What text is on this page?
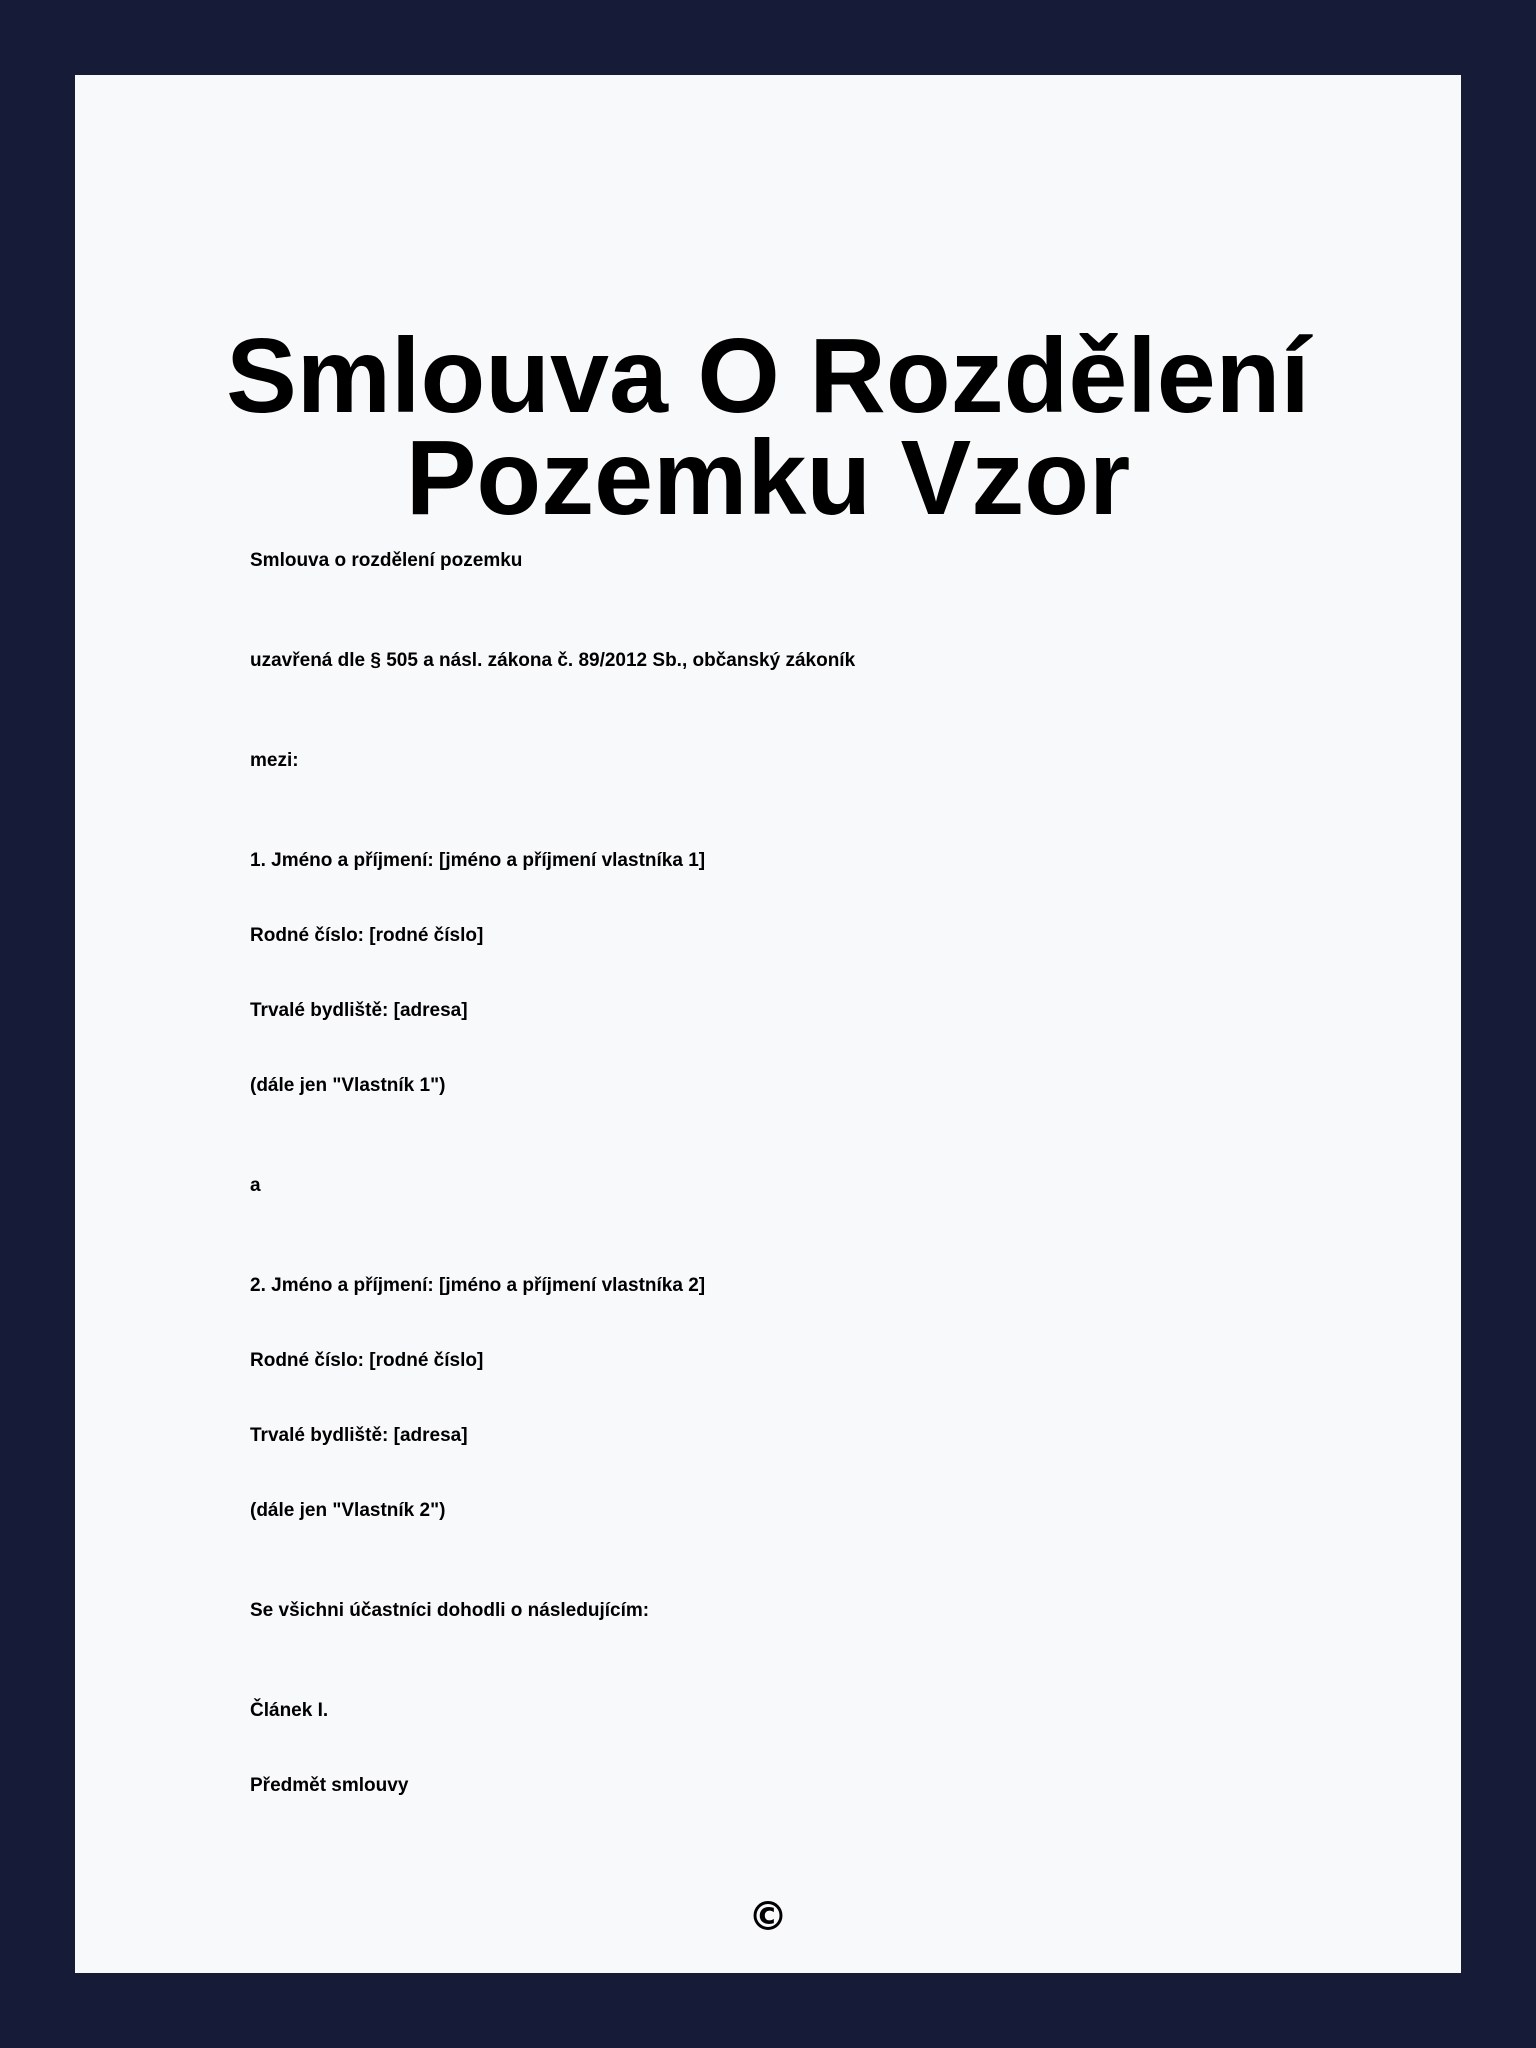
Smlouva O Rozdělení Pozemku Vzor

Smlouva o rozdělení pozemku

uzavřená dle § 505 a násl. zákona č. 89/2012 Sb., občanský zákoník

mezi:

1. Jméno a příjmení: [jméno a příjmení vlastníka 1]

Rodné číslo: [rodné číslo]

Trvalé bydliště: [adresa]

(dále jen "Vlastník 1")

a

2. Jméno a příjmení: [jméno a příjmení vlastníka 2]

Rodné číslo: [rodné číslo]

Trvalé bydliště: [adresa]

(dále jen "Vlastník 2")

Se všichni účastníci dohodli o následujícím:

Článek I.

Předmět smlouvy

©
